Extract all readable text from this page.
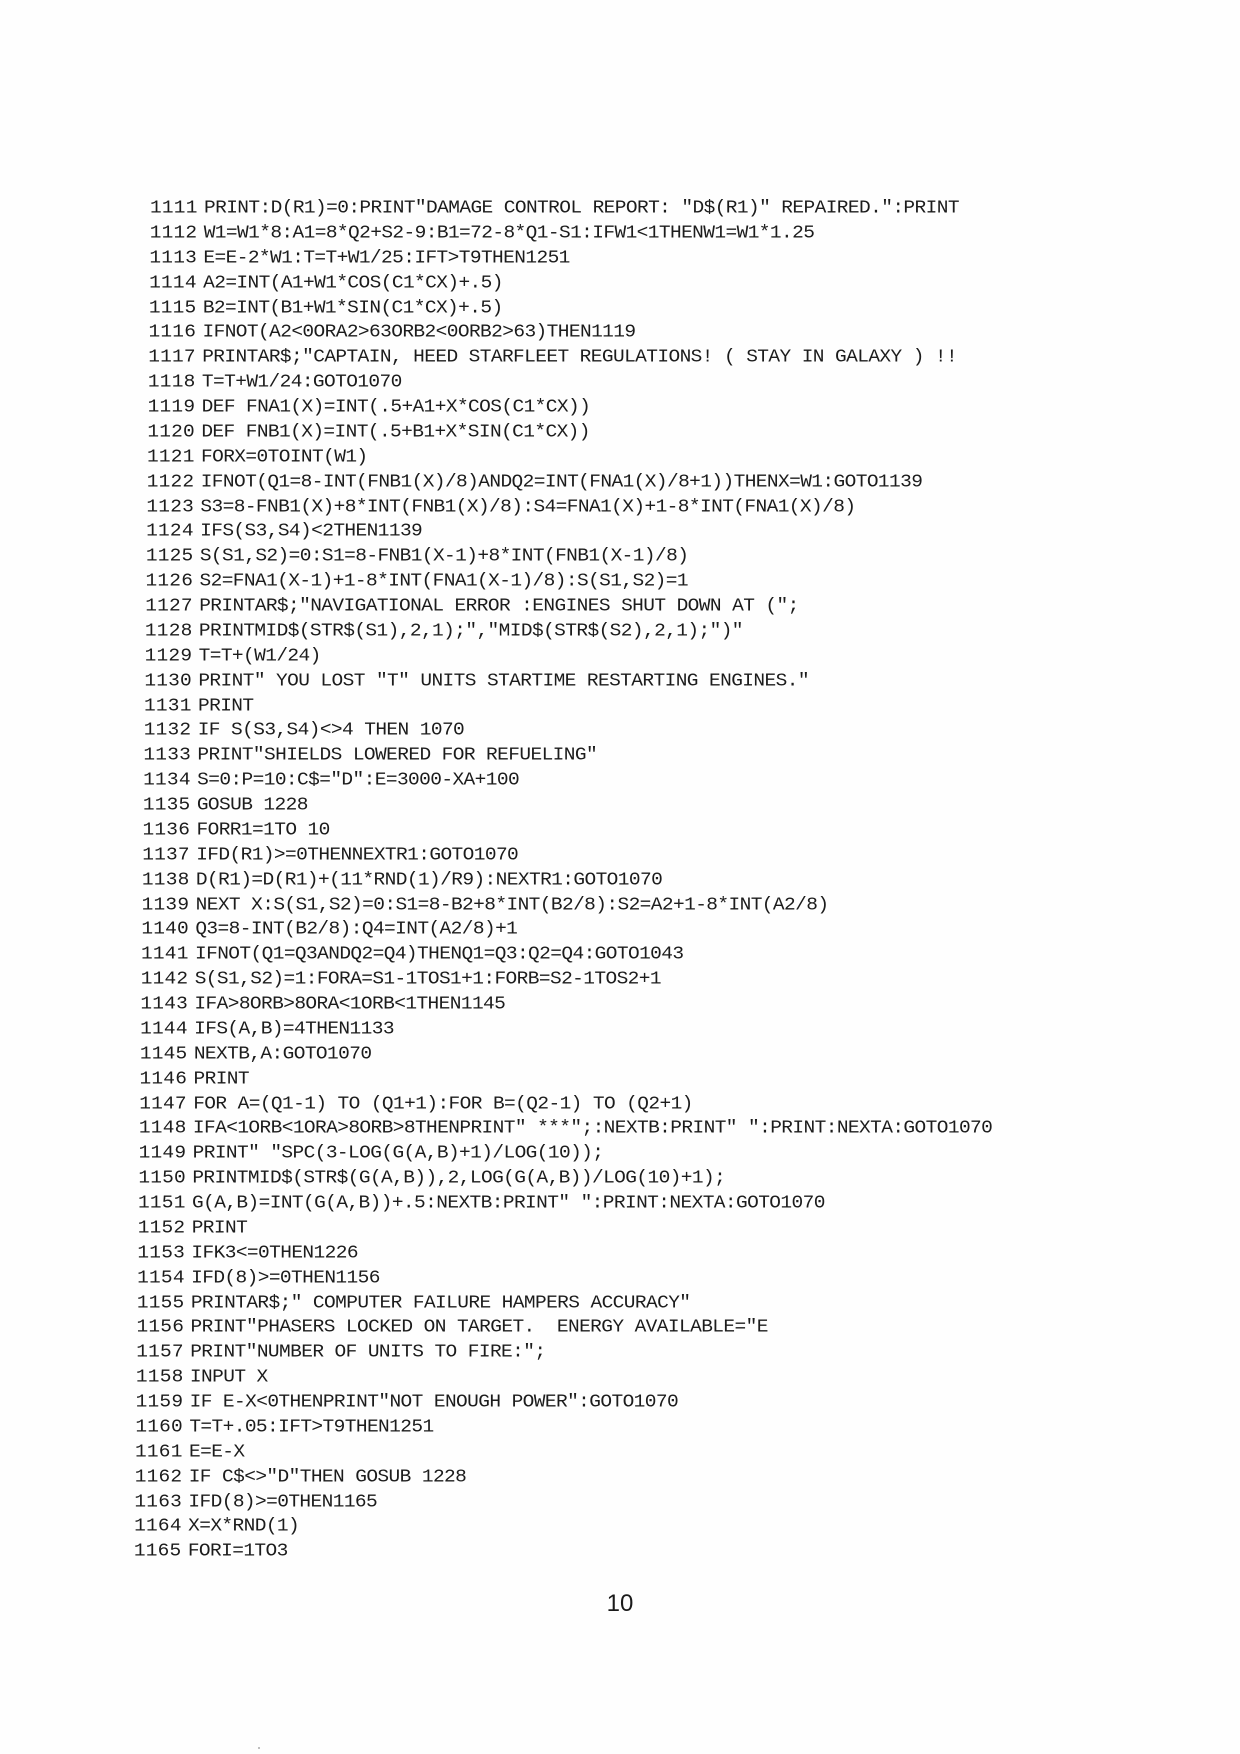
1111 PRINT:D(R1)=0:PRINT"DAMAGE CONTROL REPORT: "D$(R1)" REPAIRED.":PRINT
1112 W1=W1*8:A1=8*Q2+S2-9:B1=72-8*Q1-S1:IFW1<1THENW1=W1*1.25
1113 E=E-2*W1:T=T+W1/25:IFT>T9THEN1251
1114 A2=INT(A1+W1*COS(C1*CX)+.5)
1115 B2=INT(B1+W1*SIN(C1*CX)+.5)
1116 IFNOT(A2<0ORA2>63ORB2<0ORB2>63)THEN1119
1117 PRINTAR$;"CAPTAIN, HEED STARFLEET REGULATIONS! ( STAY IN GALAXY ) !!
1118 T=T+W1/24:GOTO1070
1119 DEF FNA1(X)=INT(.5+A1+X*COS(C1*CX))
1120 DEF FNB1(X)=INT(.5+B1+X*SIN(C1*CX))
1121 FORX=0TOINT(W1)
1122 IFNOT(Q1=8-INT(FNB1(X)/8)ANDQ2=INT(FNA1(X)/8+1))THENX=W1:GOTO1139
1123 S3=8-FNB1(X)+8*INT(FNB1(X)/8):S4=FNA1(X)+1-8*INT(FNA1(X)/8)
1124 IFS(S3,S4)<2THEN1139
1125 S(S1,S2)=0:S1=8-FNB1(X-1)+8*INT(FNB1(X-1)/8)
1126 S2=FNA1(X-1)+1-8*INT(FNA1(X-1)/8):S(S1,S2)=1
1127 PRINTAR$;"NAVIGATIONAL ERROR :ENGINES SHUT DOWN AT (";
1128 PRINTMID$(STR$(S1),2,1);","MID$(STR$(S2),2,1);")"
1129 T=T+(W1/24)
1130 PRINT" YOU LOST "T" UNITS STARTIME RESTARTING ENGINES."
1131 PRINT
1132 IF S(S3,S4)<>4 THEN 1070
1133 PRINT"SHIELDS LOWERED FOR REFUELING"
1134 S=0:P=10:C$="D":E=3000-XA+100
1135 GOSUB 1228
1136 FORR1=1TO 10
1137 IFD(R1)>=0THENNEXTR1:GOTO1070
1138 D(R1)=D(R1)+(11*RND(1)/R9):NEXTR1:GOTO1070
1139 NEXT X:S(S1,S2)=0:S1=8-B2+8*INT(B2/8):S2=A2+1-8*INT(A2/8)
1140 Q3=8-INT(B2/8):Q4=INT(A2/8)+1
1141 IFNOT(Q1=Q3ANDQ2=Q4)THENQ1=Q3:Q2=Q4:GOTO1043
1142 S(S1,S2)=1:FORA=S1-1TOS1+1:FORB=S2-1TOS2+1
1143 IFA>8ORB>8ORA<1ORB<1THEN1145
1144 IFS(A,B)=4THEN1133
1145 NEXTB,A:GOTO1070
1146 PRINT
1147 FOR A=(Q1-1) TO (Q1+1):FOR B=(Q2-1) TO (Q2+1)
1148 IFA<1ORB<1ORA>8ORB>8THENPRINT" ***";:NEXTB:PRINT" ":PRINT:NEXTA:GOTO1070
1149 PRINT" "SPC(3-LOG(G(A,B)+1)/LOG(10));
1150 PRINTMID$(STR$(G(A,B)),2,LOG(G(A,B))/LOG(10)+1);
1151 G(A,B)=INT(G(A,B))+.5:NEXTB:PRINT" ":PRINT:NEXTA:GOTO1070
1152 PRINT
1153 IFK3<=0THEN1226
1154 IFD(8)>=0THEN1156
1155 PRINTAR$;" COMPUTER FAILURE HAMPERS ACCURACY"
1156 PRINT"PHASERS LOCKED ON TARGET.  ENERGY AVAILABLE="E
1157 PRINT"NUMBER OF UNITS TO FIRE:";
1158 INPUT X
1159 IF E-X<0THENPRINT"NOT ENOUGH POWER":GOTO1070
1160 T=T+.05:IFT>T9THEN1251
1161 E=E-X
1162 IF C$<>"D"THEN GOSUB 1228
1163 IFD(8)>=0THEN1165
1164 X=X*RND(1)
1165 FORI=1TO3
10
